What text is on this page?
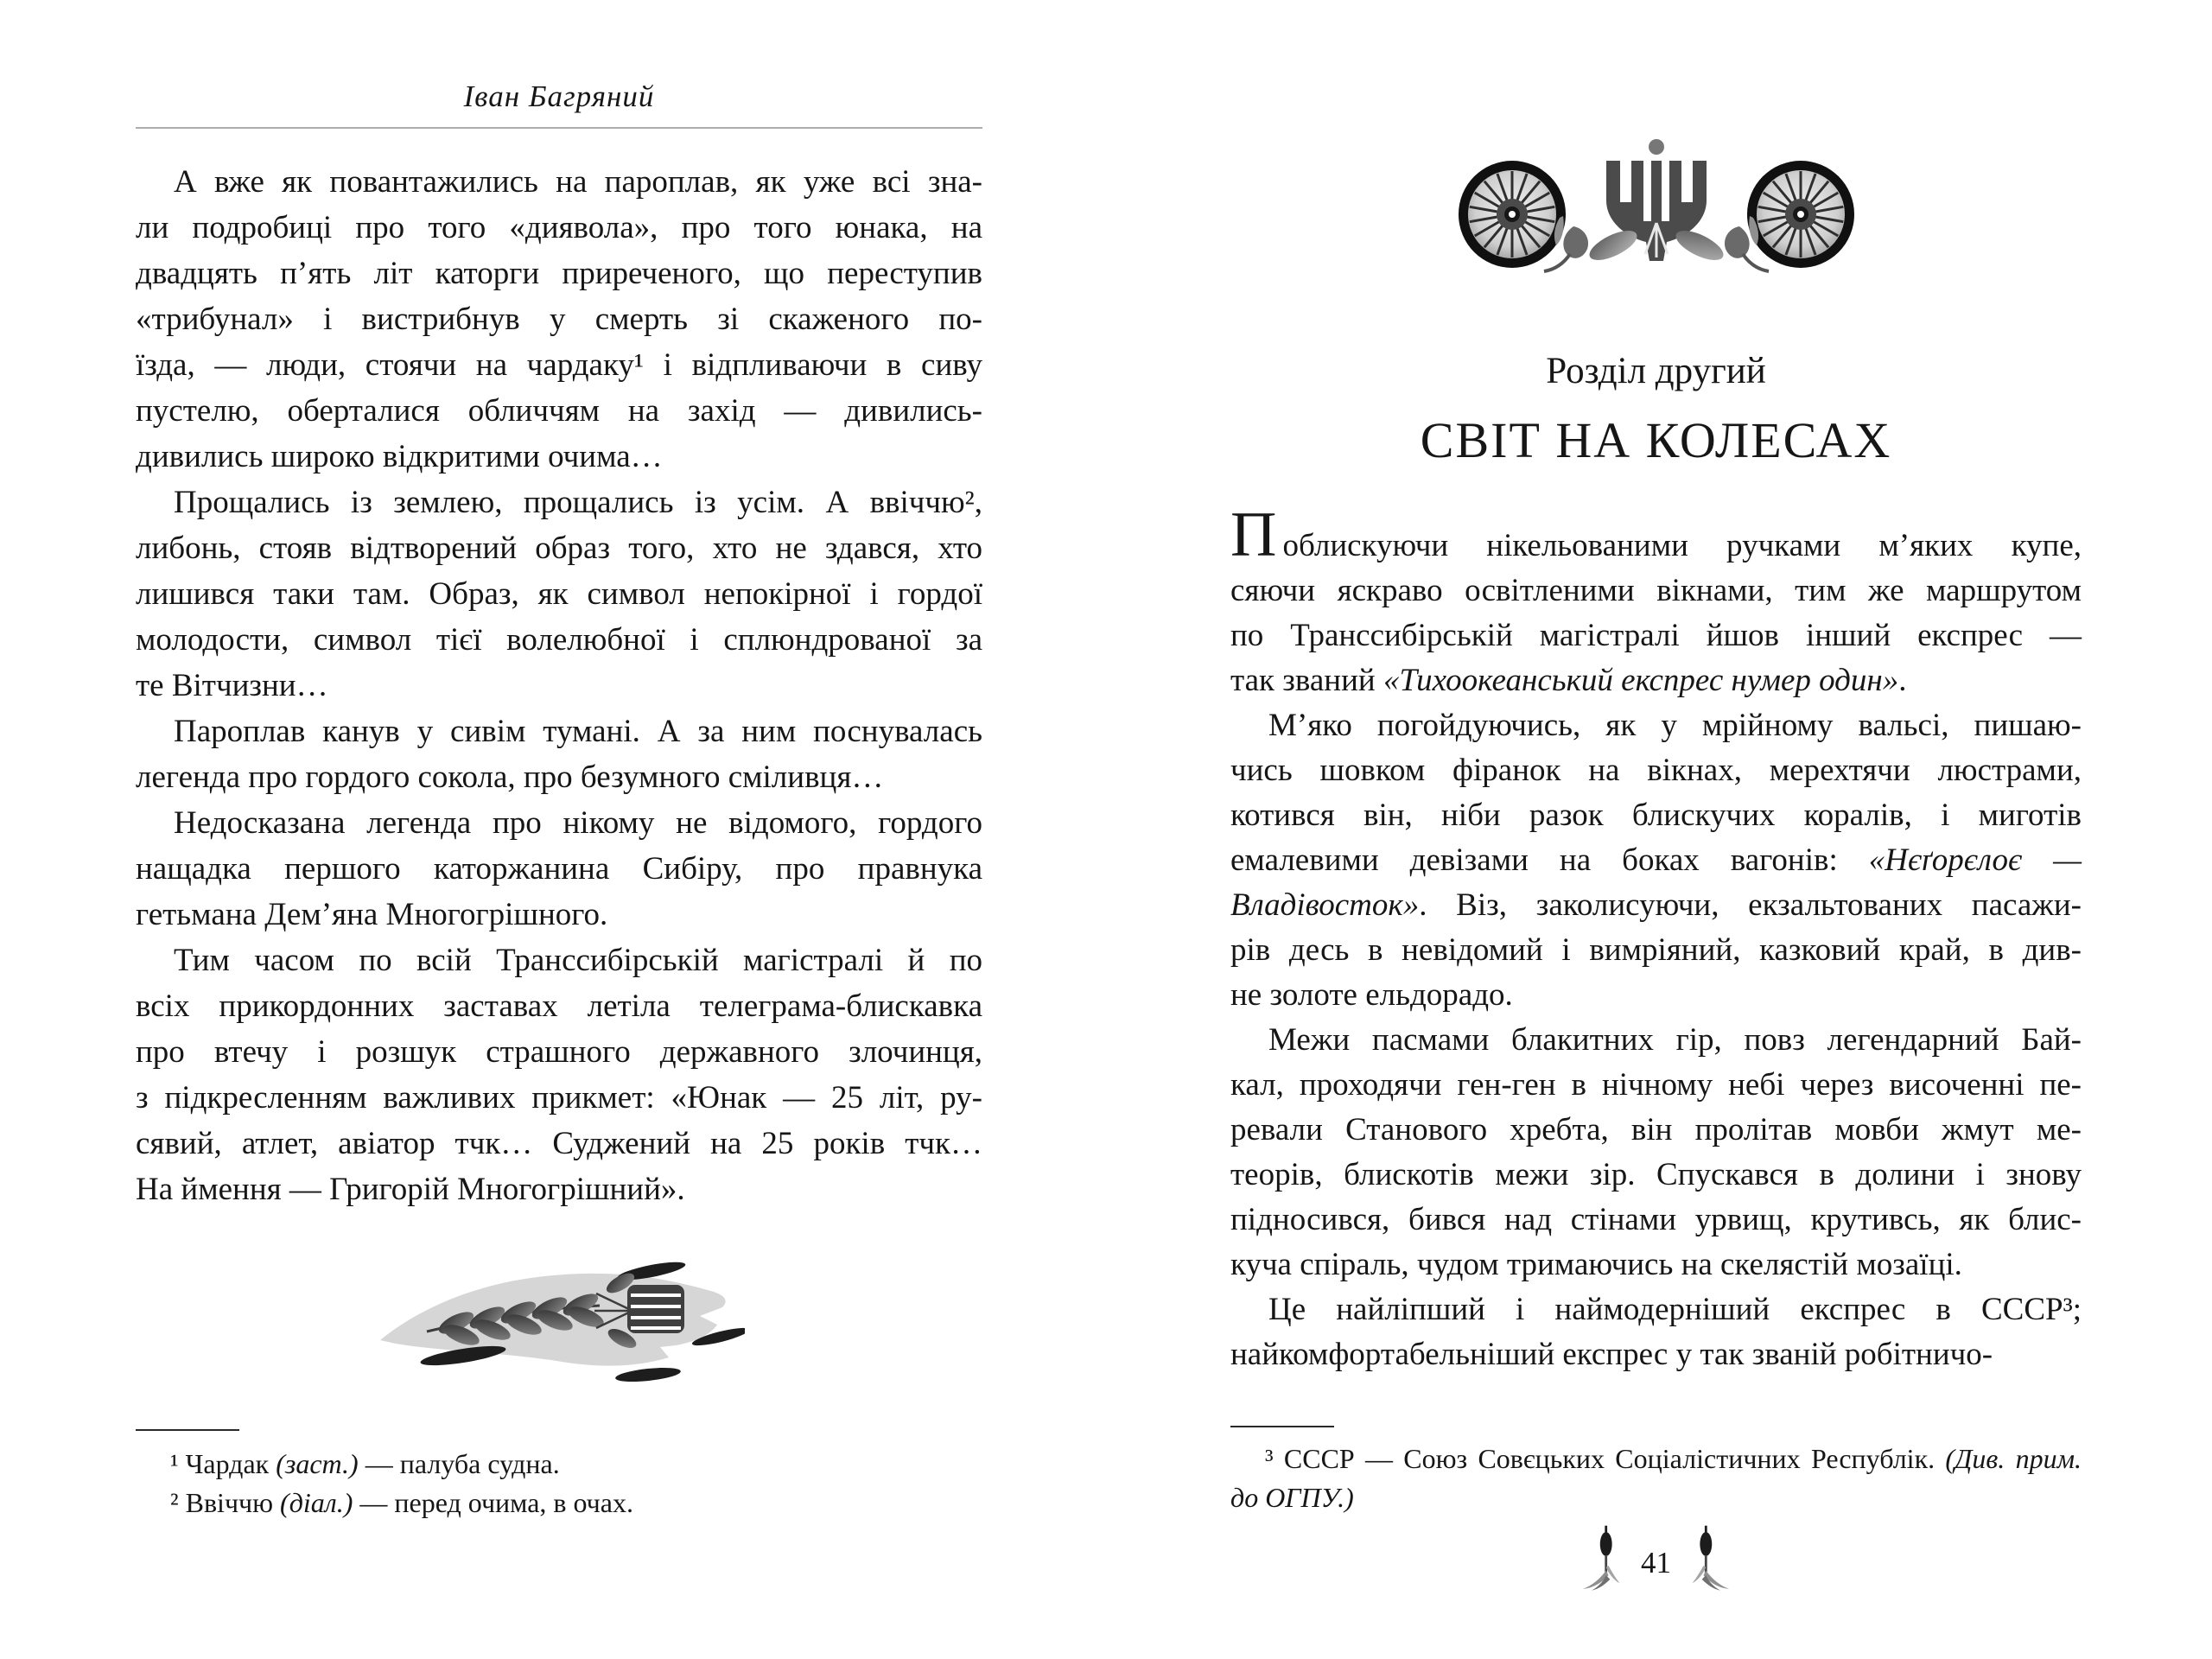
Іван Багряний
А вже як повантажились на пароплав, як уже всі зна-
ли подробиці про того «диявола», про того юнака, на
двадцять п’ять літ каторги приреченого, що переступив
«трибунал» і вистрибнув у смерть зі скаженого по-
їзда, — люди, стоячи на чардаку¹ і відпливаючи в сиву
пустелю, оберталися обличчям на захід — дивились-
дивились широко відкритими очима…
Прощались із землею, прощались із усім. А ввіччю²,
либонь, стояв відтворений образ того, хто не здався, хто
лишився таки там. Образ, як символ непокірної і гордої
молодости, символ тієї волелюбної і сплюндрованої за
те Вітчизни…
Пароплав канув у сивім тумані. А за ним поснувалась
легенда про гордого сокола, про безумного сміливця…
Недосказана легенда про нікому не відомого, гордого
нащадка першого каторжанина Сибіру, про правнука
гетьмана Дем’яна Многогрішного.
Тим часом по всій Транссибірській магістралі й по
всіх прикордонних заставах летіла телеграма-блискавка
про втечу і розшук страшного державного злочинця,
з підкресленням важливих прикмет: «Юнак — 25 літ, ру-
сявий, атлет, авіатор тчк… Суджений на 25 років тчк…
На ймення — Григорій Многогрішний».
¹ Чардак (заст.) — палуба судна.
² Ввіччю (діал.) — перед очима, в очах.
Розділ другий
СВІТ НА КОЛЕСАХ
Поблискуючи нікельованими ручками м’яких купе,
сяючи яскраво освітленими вікнами, тим же маршрутом
по Транссибірській магістралі йшов інший експрес —
так званий «Тихоокеанський експрес нумер один».
М’яко погойдуючись, як у мрійному вальсі, пишаю-
чись шовком фіранок на вікнах, мерехтячи люстрами,
котився він, ніби разок блискучих коралів, і миготів
емалевими девізами на боках вагонів: «Нєґорєлоє —
Владівосток». Віз, заколисуючи, екзальтованих пасажи-
рів десь в невідомий і вимріяний, казковий край, в див-
не золоте ельдорадо.
Межи пасмами блакитних гір, повз легендарний Бай-
кал, проходячи ген-ген в нічному небі через височенні пе-
ревали Станового хребта, він пролітав мовби жмут ме-
теорів, блискотів межи зір. Спускався в долини і знову
підносився, бився над стінами урвищ, крутивсь, як блис-
куча спіраль, чудом тримаючись на скелястій мозаїці.
Це найліпший і наймодерніший експрес в СССР³;
найкомфортабельніший експрес у так званій робітничо-
³ СССР — Союз Совєцьких Соціалістичних Республік. (Див. прим.
до ОГПУ.)
41
